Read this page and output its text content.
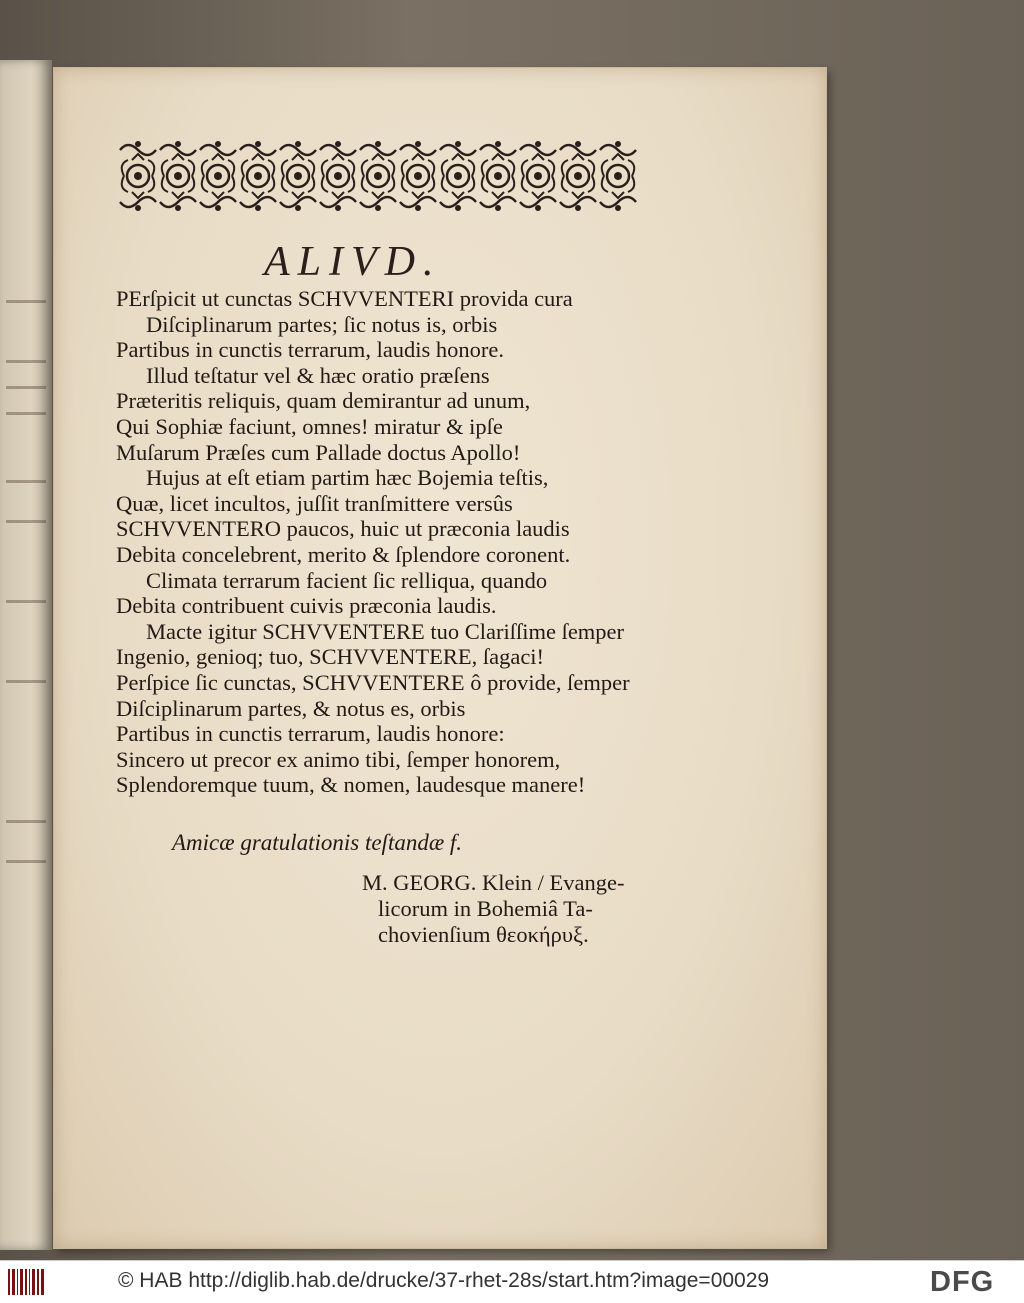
ALIVD.
PErſpicit ut cunctas SCHVVENTERI provida cura
Diſciplinarum partes; ſic notus is, orbis
Partibus in cunctis terrarum, laudis honore.
Illud teſtatur vel & hæc oratio præſens
Præteritis reliquis, quam demirantur ad unum,
Qui Sophiæ faciunt, omnes! miratur & ipſe
Muſarum Præſes cum Pallade doctus Apollo!
Hujus at eſt etiam partim hæc Bojemia teſtis,
Quæ, licet incultos, juſſit tranſmittere versûs
SCHVVENTERO paucos, huic ut præconia laudis
Debita concelebrent, merito & ſplendore coronent.
Climata terrarum facient ſic relliqua, quando
Debita contribuent cuivis præconia laudis.
Macte igitur SCHVVENTERE tuo Clariſſime ſemper
Ingenio, genioq; tuo, SCHVVENTERE, ſagaci!
Perſpice ſic cunctas, SCHVVENTERE ô provide, ſemper
Diſciplinarum partes, & notus es, orbis
Partibus in cunctis terrarum, laudis honore:
Sincero ut precor ex animo tibi, ſemper honorem,
Splendoremque tuum, & nomen, laudesque manere!
Amicæ gratulationis teſtandæ f.
M. GEORG. Klein / Evange-
licorum in Bohemiâ Ta-
chovienſium θεοκήρυξ.
© HAB http://diglib.hab.de/drucke/37-rhet-28s/start.htm?image=00029	DFG
